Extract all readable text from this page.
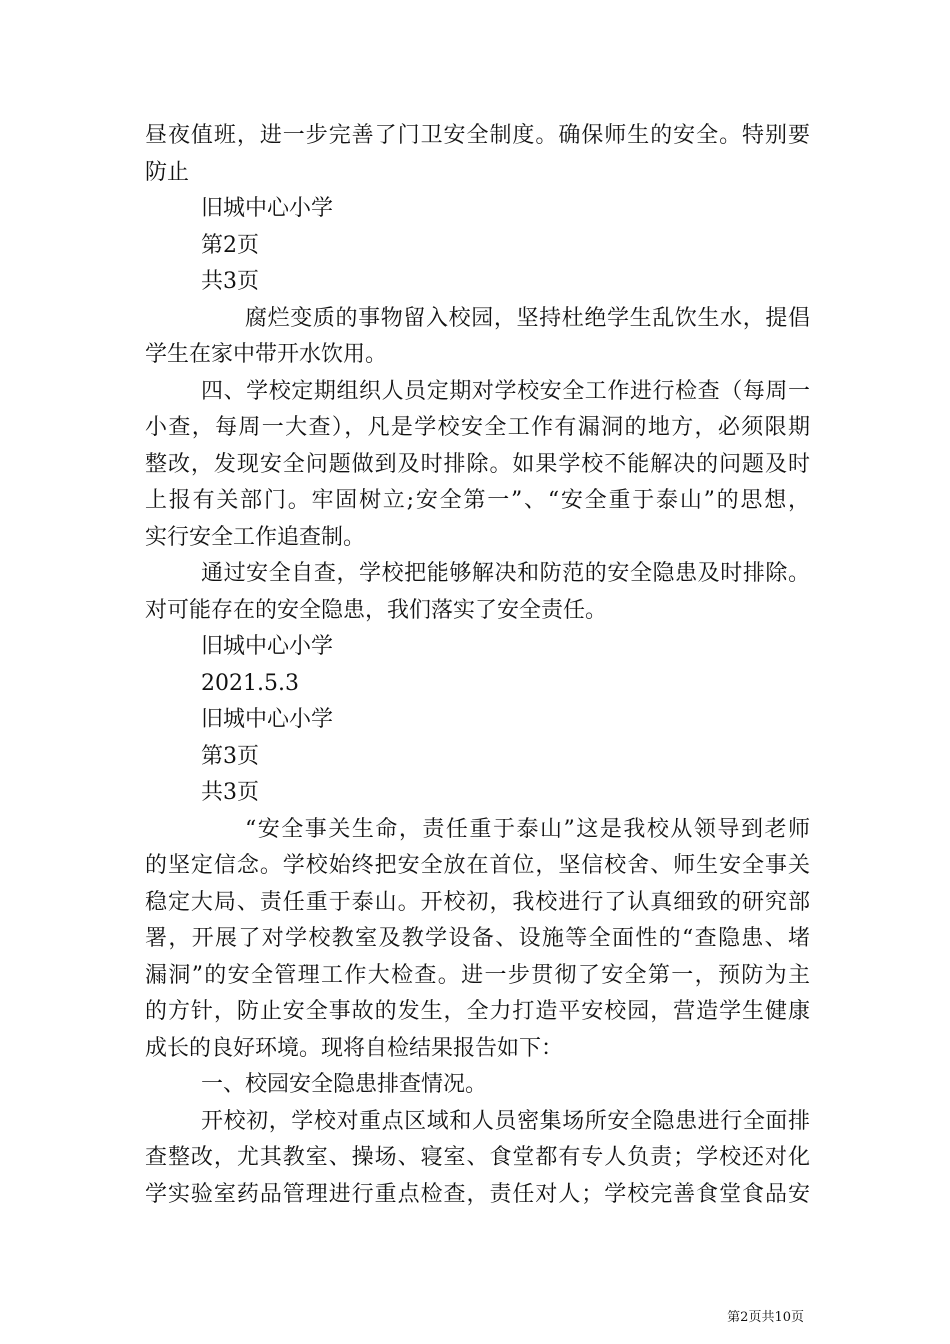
昼夜值班，进一步完善了门卫安全制度。确保师生的安全。特别要
防止
旧城中心小学
第2页
共3页
腐烂变质的事物留入校园，坚持杜绝学生乱饮生水，提倡
学生在家中带开水饮用。
四、学校定期组织人员定期对学校安全工作进行检查（每周一
小查，每周一大查），凡是学校安全工作有漏洞的地方，必须限期
整改，发现安全问题做到及时排除。如果学校不能解决的问题及时
上报有关部门。牢固树立;安全第一”、“安全重于泰山”的思想，
实行安全工作追查制。
通过安全自查，学校把能够解决和防范的安全隐患及时排除。
对可能存在的安全隐患，我们落实了安全责任。
旧城中心小学
2021.5.3
旧城中心小学
第3页
共3页
“安全事关生命，责任重于泰山”这是我校从领导到老师
的坚定信念。学校始终把安全放在首位，坚信校舍、师生安全事关
稳定大局、责任重于泰山。开校初，我校进行了认真细致的研究部
署，开展了对学校教室及教学设备、设施等全面性的“查隐患、堵
漏洞”的安全管理工作大检查。进一步贯彻了安全第一，预防为主
的方针，防止安全事故的发生，全力打造平安校园，营造学生健康
成长的良好环境。现将自检结果报告如下：
一、校园安全隐患排查情况。
开校初，学校对重点区域和人员密集场所安全隐患进行全面排
查整改，尤其教室、操场、寝室、食堂都有专人负责；学校还对化
学实验室药品管理进行重点检查，责任对人；学校完善食堂食品安
第2页共10页
